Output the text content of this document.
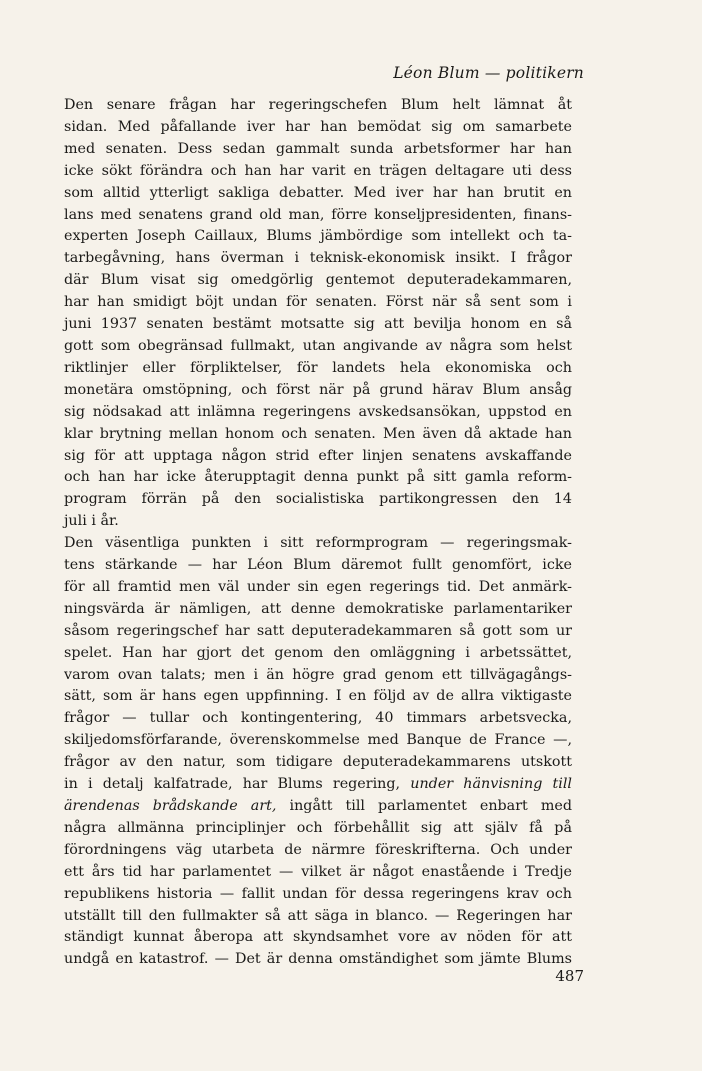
Léon Blum — politikern
Den senare frågan har regeringschefen Blum helt lämnat åt
sidan. Med påfallande iver har han bemödat sig om samarbete
med senaten. Dess sedan gammalt sunda arbetsformer har han
icke sökt förändra och han har varit en trägen deltagare uti dess
som alltid ytterligt sakliga debatter. Med iver har han brutit en
lans med senatens grand old man, förre konseljpresidenten, finans-
experten Joseph Caillaux, Blums jämbördige som intellekt och ta-
tarbegåvning, hans överman i teknisk-ekonomisk insikt. I frågor
där Blum visat sig omedgörlig gentemot deputeradekammaren,
har han smidigt böjt undan för senaten. Först när så sent som i
juni 1937 senaten bestämt motsatte sig att bevilja honom en så
gott som obegränsad fullmakt, utan angivande av några som helst
riktlinjer eller förpliktelser, för landets hela ekonomiska och
monetära omstöpning, och först när på grund härav Blum ansåg
sig nödsakad att inlämna regeringens avskedsansökan, uppstod en
klar brytning mellan honom och senaten. Men även då aktade han
sig för att upptaga någon strid efter linjen senatens avskaffande
och han har icke återupptagit denna punkt på sitt gamla reform-
program förrän på den socialistiska partikongressen den 14
juli i år.
Den väsentliga punkten i sitt reformprogram — regeringsmak-
tens stärkande — har Léon Blum däremot fullt genomfört, icke
för all framtid men väl under sin egen regerings tid. Det anmärk-
ningsvärda är nämligen, att denne demokratiske parlamentariker
såsom regeringschef har satt deputeradekammaren så gott som ur
spelet. Han har gjort det genom den omläggning i arbetssättet,
varom ovan talats; men i än högre grad genom ett tillvägagångs-
sätt, som är hans egen uppfinning. I en följd av de allra viktigaste
frågor — tullar och kontingentering, 40 timmars arbetsvecka,
skiljedomsförfarande, överenskommelse med Banque de France —,
frågor av den natur, som tidigare deputeradekammarens utskott
in i detalj kalfatrade, har Blums regering, under hänvisning till
ärendenas brådskande art, ingått till parlamentet enbart med
några allmänna principlinjer och förbehållit sig att själv få på
förordningens väg utarbeta de närmre föreskrifterna. Och under
ett års tid har parlamentet — vilket är något enastående i Tredje
republikens historia — fallit undan för dessa regeringens krav och
utställt till den fullmakter så att säga in blanco. — Regeringen har
ständigt kunnat åberopa att skyndsamhet vore av nöden för att
undgå en katastrof. — Det är denna omständighet som jämte Blums
487
